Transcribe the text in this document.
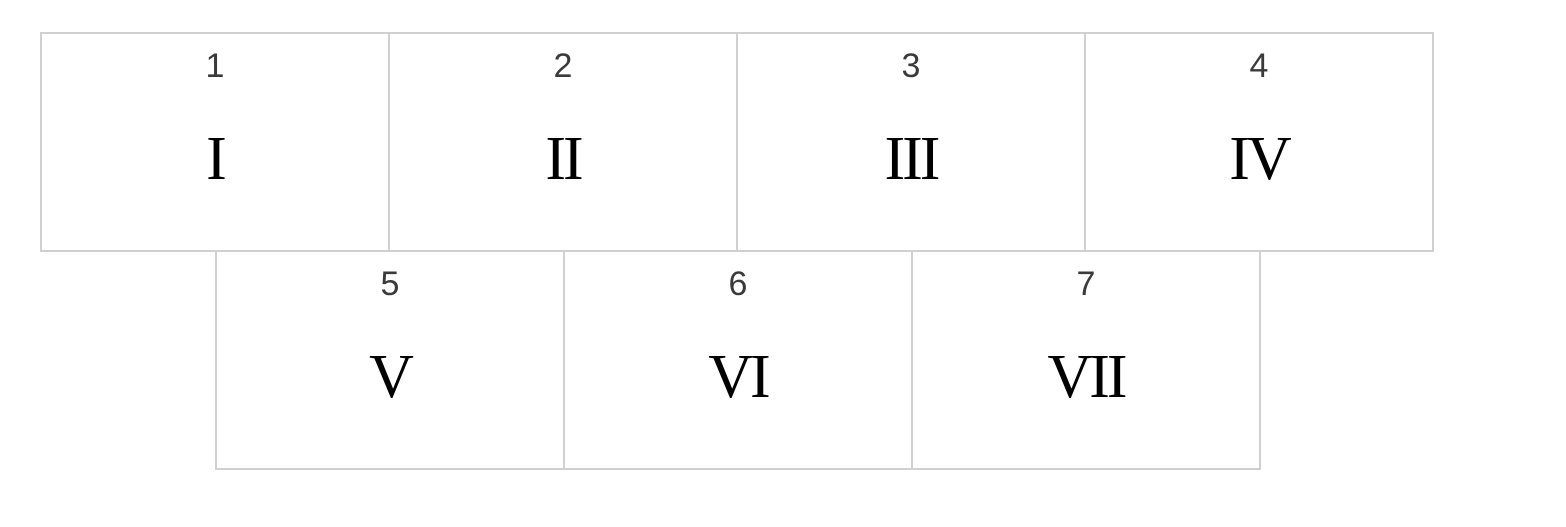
1
I
2
II
3
III
4
IV
5
V
6
VI
7
VII
